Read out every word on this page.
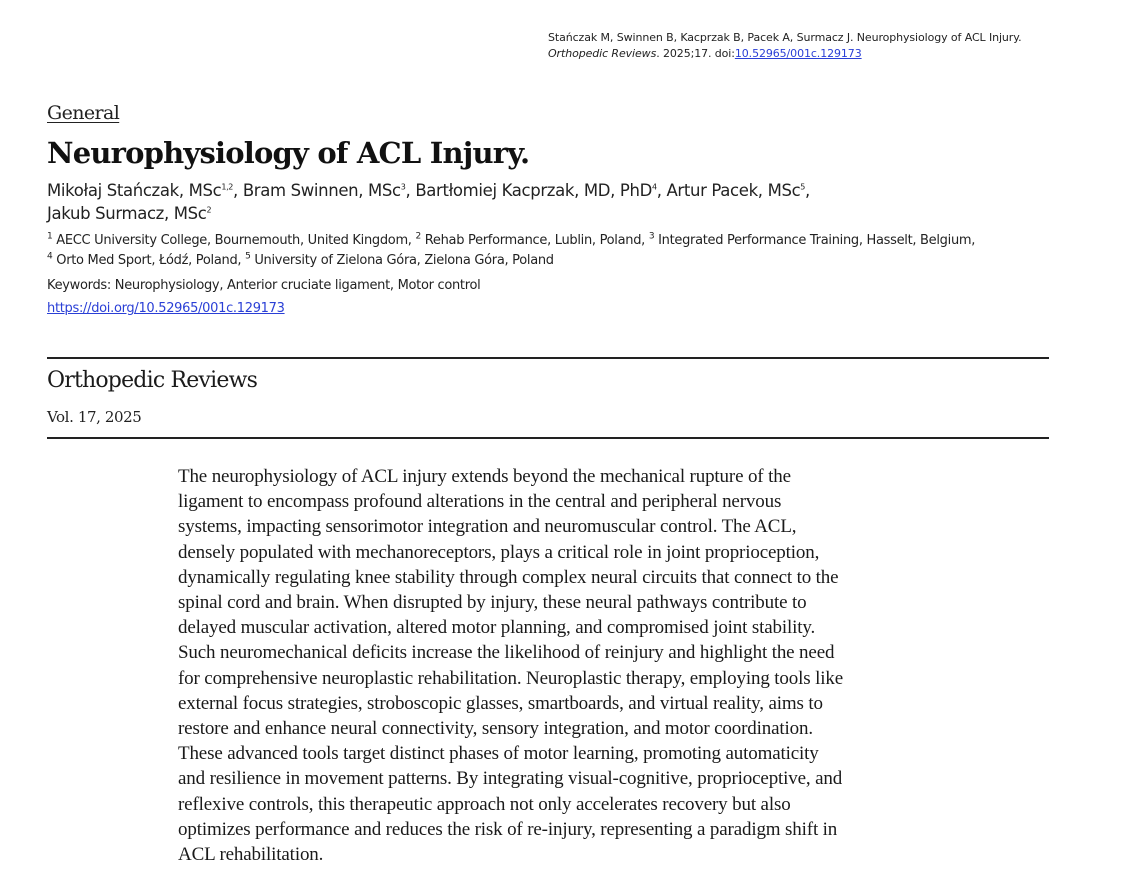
Stańczak M, Swinnen B, Kacprzak B, Pacek A, Surmacz J. Neurophysiology of ACL Injury.
Orthopedic Reviews. 2025;17. doi:10.52965/001c.129173
General
Neurophysiology of ACL Injury.
Mikołaj Stańczak, MSc$^{1,2}$, Bram Swinnen, MSc$^3$, Bartłomiej Kacprzak, MD, PhD$^4$, Artur Pacek, MSc$^5$,
Jakub Surmacz, MSc$^2$
$^1$ AECC University College, Bournemouth, United Kingdom, $^2$ Rehab Performance, Lublin, Poland, $^3$ Integrated Performance Training, Hasselt, Belgium,
$^4$ Orto Med Sport, Łódź, Poland, $^5$ University of Zielona Góra, Zielona Góra, Poland
Keywords: Neurophysiology, Anterior cruciate ligament, Motor control
https://doi.org/10.52965/001c.129173
Orthopedic Reviews
Vol. 17, 2025
The neurophysiology of ACL injury extends beyond the mechanical rupture of the
ligament to encompass profound alterations in the central and peripheral nervous
systems, impacting sensorimotor integration and neuromuscular control. The ACL,
densely populated with mechanoreceptors, plays a critical role in joint proprioception,
dynamically regulating knee stability through complex neural circuits that connect to the
spinal cord and brain. When disrupted by injury, these neural pathways contribute to
delayed muscular activation, altered motor planning, and compromised joint stability.
Such neuromechanical deficits increase the likelihood of reinjury and highlight the need
for comprehensive neuroplastic rehabilitation. Neuroplastic therapy, employing tools like
external focus strategies, stroboscopic glasses, smartboards, and virtual reality, aims to
restore and enhance neural connectivity, sensory integration, and motor coordination.
These advanced tools target distinct phases of motor learning, promoting automaticity
and resilience in movement patterns. By integrating visual-cognitive, proprioceptive, and
reflexive controls, this therapeutic approach not only accelerates recovery but also
optimizes performance and reduces the risk of re-injury, representing a paradigm shift in
ACL rehabilitation.
